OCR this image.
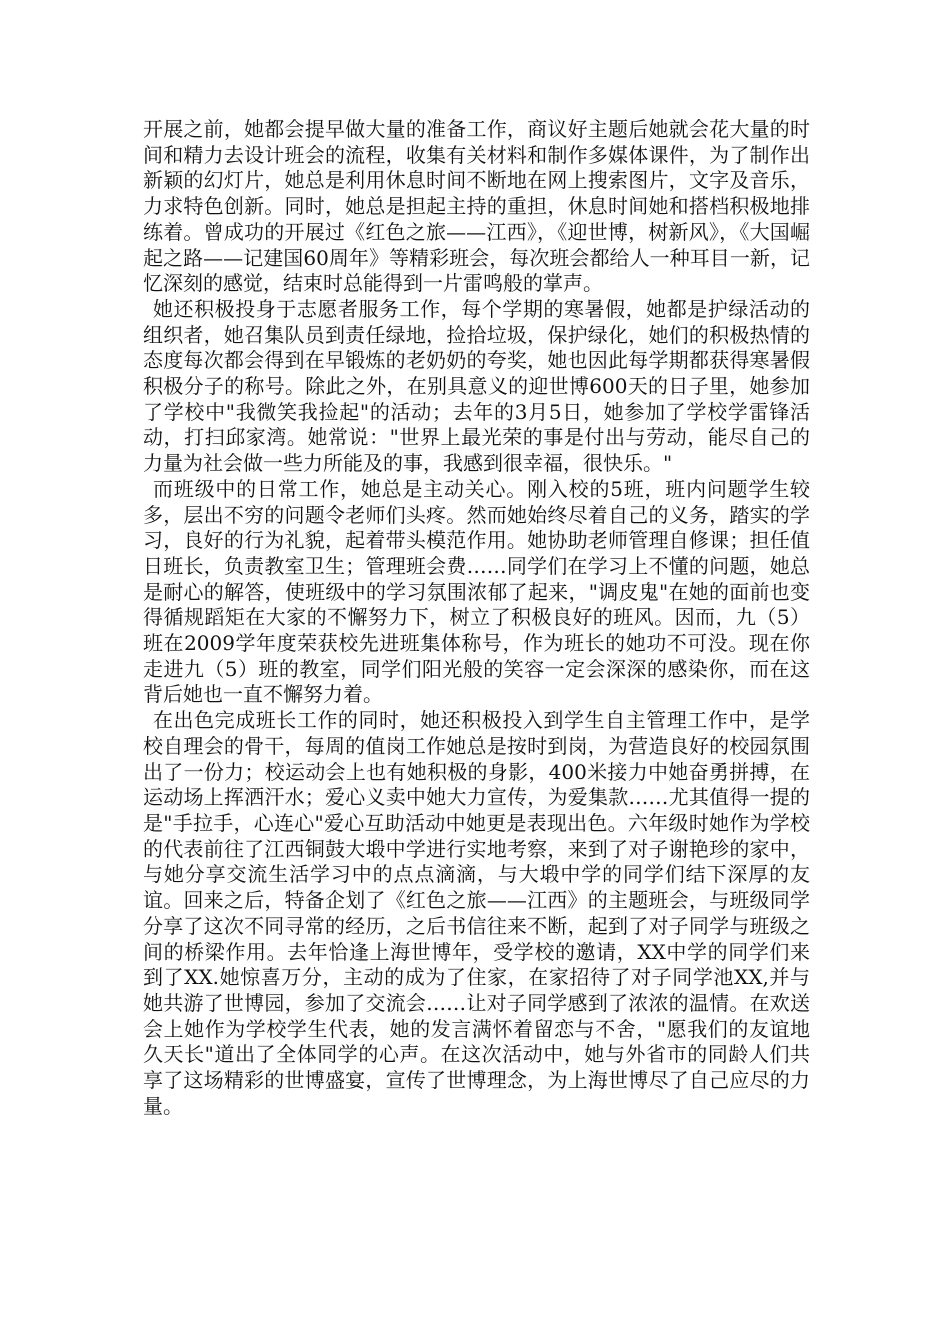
开展之前，她都会提早做大量的准备工作，商议好主题后她就会花大量的时间和精力去设计班会的流程，收集有关材料和制作多媒体课件，为了制作出新颖的幻灯片，她总是利用休息时间不断地在网上搜索图片，文字及音乐，力求特色创新。同时，她总是担起主持的重担，休息时间她和搭档积极地排练着。曾成功的开展过《红色之旅——江西》，《迎世博，树新风》，《大国崛起之路——记建国60周年》等精彩班会，每次班会都给人一种耳目一新，记忆深刻的感觉，结束时总能得到一片雷鸣般的掌声。

她还积极投身于志愿者服务工作，每个学期的寒暑假，她都是护绿活动的组织者，她召集队员到责任绿地，捡拾垃圾，保护绿化，她们的积极热情的态度每次都会得到在早锻炼的老奶奶的夸奖，她也因此每学期都获得寒暑假积极分子的称号。除此之外，在别具意义的迎世博600天的日子里，她参加了学校中"我微笑我捡起"的活动；去年的3月5日，她参加了学校学雷锋活动，打扫邱家湾。她常说："世界上最光荣的事是付出与劳动，能尽自己的力量为社会做一些力所能及的事，我感到很幸福，很快乐。"

而班级中的日常工作，她总是主动关心。刚入校的5班，班内问题学生较多，层出不穷的问题令老师们头疼。然而她始终尽着自己的义务，踏实的学习，良好的行为礼貌，起着带头模范作用。她协助老师管理自修课；担任值日班长，负责教室卫生；管理班会费……同学们在学习上不懂的问题，她总是耐心的解答，使班级中的学习氛围浓郁了起来，"调皮鬼"在她的面前也变得循规蹈矩在大家的不懈努力下，树立了积极良好的班风。因而，九（5）班在2009学年度荣获校先进班集体称号，作为班长的她功不可没。现在你走进九（5）班的教室，同学们阳光般的笑容一定会深深的感染你，而在这背后她也一直不懈努力着。

在出色完成班长工作的同时，她还积极投入到学生自主管理工作中，是学校自理会的骨干，每周的值岗工作她总是按时到岗，为营造良好的校园氛围出了一份力；校运动会上也有她积极的身影，400米接力中她奋勇拼搏，在运动场上挥洒汗水；爱心义卖中她大力宣传，为爱集款……尤其值得一提的是"手拉手，心连心"爱心互助活动中她更是表现出色。六年级时她作为学校的代表前往了江西铜鼓大塅中学进行实地考察，来到了对子谢艳珍的家中，与她分享交流生活学习中的点点滴滴，与大塅中学的同学们结下深厚的友谊。回来之后，特备企划了《红色之旅——江西》的主题班会，与班级同学分享了这次不同寻常的经历，之后书信往来不断，起到了对子同学与班级之间的桥梁作用。去年恰逢上海世博年，受学校的邀请，XX中学的同学们来到了XX.她惊喜万分，主动的成为了住家，在家招待了对子同学池XX,并与她共游了世博园，参加了交流会……让对子同学感到了浓浓的温情。在欢送会上她作为学校学生代表，她的发言满怀着留恋与不舍，"愿我们的友谊地久天长"道出了全体同学的心声。在这次活动中，她与外省市的同龄人们共享了这场精彩的世博盛宴，宣传了世博理念，为上海世博尽了自己应尽的力量。
